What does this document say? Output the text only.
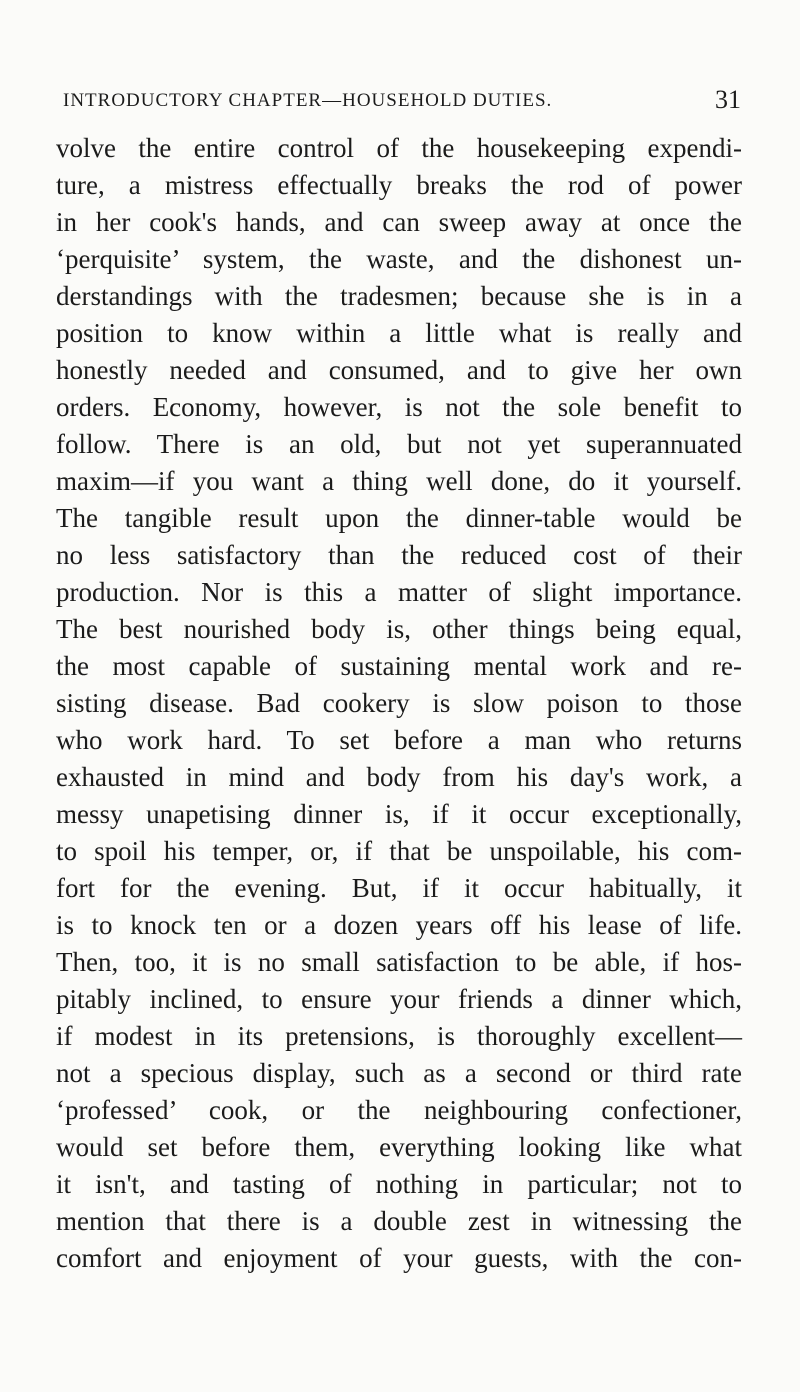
INTRODUCTORY CHAPTER—HOUSEHOLD DUTIES.	31
volve the entire control of the housekeeping expendi-
ture, a mistress effectually breaks the rod of power
in her cook's hands, and can sweep away at once the
‘perquisite’ system, the waste, and the dishonest un-
derstandings with the tradesmen; because she is in a
position to know within a little what is really and
honestly needed and consumed, and to give her own
orders. Economy, however, is not the sole benefit to
follow. There is an old, but not yet superannuated
maxim—if you want a thing well done, do it yourself.
The tangible result upon the dinner-table would be
no less satisfactory than the reduced cost of their
production. Nor is this a matter of slight importance.
The best nourished body is, other things being equal,
the most capable of sustaining mental work and re-
sisting disease. Bad cookery is slow poison to those
who work hard. To set before a man who returns
exhausted in mind and body from his day's work, a
messy unapetising dinner is, if it occur exceptionally,
to spoil his temper, or, if that be unspoilable, his com-
fort for the evening. But, if it occur habitually, it
is to knock ten or a dozen years off his lease of life.
Then, too, it is no small satisfaction to be able, if hos-
pitably inclined, to ensure your friends a dinner which,
if modest in its pretensions, is thoroughly excellent—
not a specious display, such as a second or third rate
‘professed’ cook, or the neighbouring confectioner,
would set before them, everything looking like what
it isn't, and tasting of nothing in particular; not to
mention that there is a double zest in witnessing the
comfort and enjoyment of your guests, with the con-
